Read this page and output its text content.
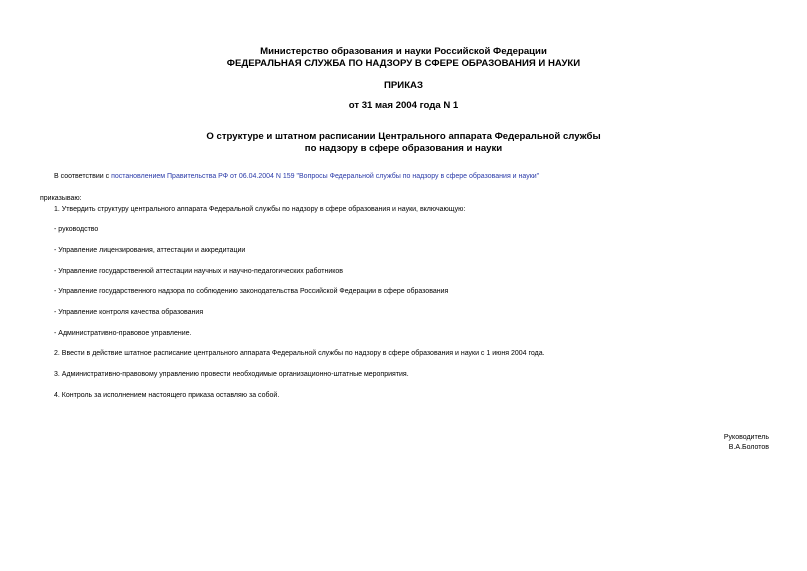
Министерство образования и науки Российской Федерации
ФЕДЕРАЛЬНАЯ СЛУЖБА ПО НАДЗОРУ В СФЕРЕ ОБРАЗОВАНИЯ И НАУКИ
ПРИКАЗ
от 31 мая 2004 года N 1
О структуре и штатном расписании Центрального аппарата Федеральной службы
по надзору в сфере образования и науки
В соответствии с постановлением Правительства РФ от 06.04.2004 N 159 "Вопросы Федеральной службы по надзору в сфере образования и науки"
приказываю:
1. Утвердить структуру центрального аппарата Федеральной службы по надзору в сфере образования и науки, включающую:
- руководство
- Управление лицензирования, аттестации и аккредитации
- Управление государственной аттестации научных и научно-педагогических работников
- Управление государственного надзора по соблюдению законодательства Российской Федерации в сфере образования
- Управление контроля качества образования
- Административно-правовое управление.
2. Ввести в действие штатное расписание центрального аппарата Федеральной службы по надзору в сфере образования и науки с 1 июня 2004 года.
3. Административно-правовому управлению провести необходимые организационно-штатные мероприятия.
4. Контроль за исполнением настоящего приказа оставляю за собой.
Руководитель
В.А.Болотов
